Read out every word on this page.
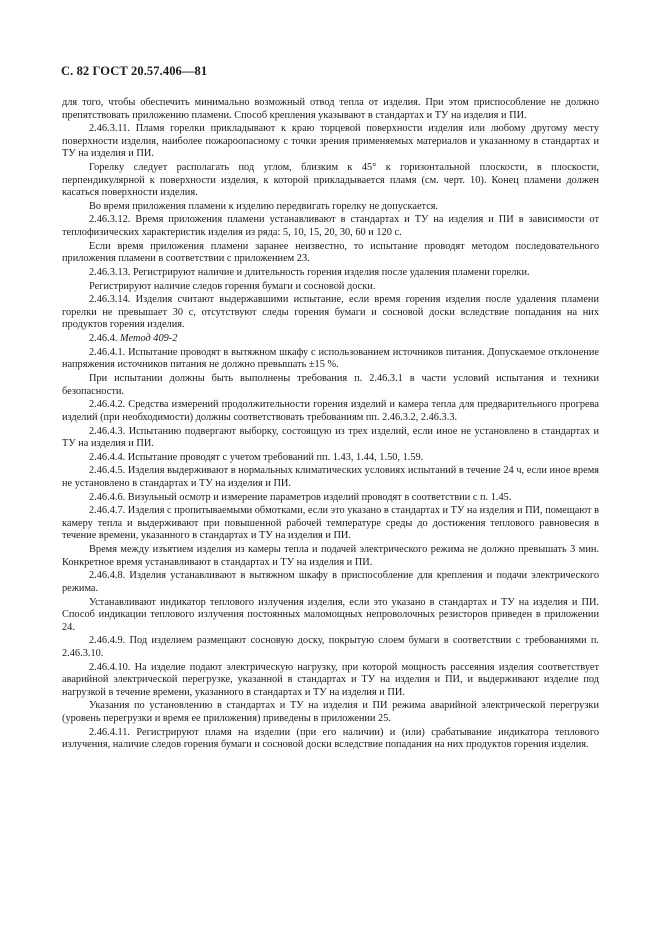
С. 82 ГОСТ 20.57.406—81

для того, чтобы обеспечить минимально возможный отвод тепла от изделия. При этом приспособление не должно препятствовать приложению пламени. Способ крепления указывают в стандартах и ТУ на изделия и ПИ.

2.46.3.11. Пламя горелки прикладывают к краю торцевой поверхности изделия или любому другому месту поверхности изделия, наиболее пожароопасному с точки зрения применяемых материалов и указанному в стандартах и ТУ на изделия и ПИ.

Горелку следует располагать под углом, близким к 45° к горизонтальной плоскости, в плоскости, перпендикулярной к поверхности изделия, к которой прикладывается пламя (см. черт. 10). Конец пламени должен касаться поверхности изделия.

Во время приложения пламени к изделию передвигать горелку не допускается.

2.46.3.12. Время приложения пламени устанавливают в стандартах и ТУ на изделия и ПИ в зависимости от теплофизических характеристик изделия из ряда: 5, 10, 15, 20, 30, 60 и 120 с.

Если время приложения пламени заранее неизвестно, то испытание проводят методом последовательного приложения пламени в соответствии с приложением 23.

2.46.3.13. Регистрируют наличие и длительность горения изделия после удаления пламени горелки.

Регистрируют наличие следов горения бумаги и сосновой доски.

2.46.3.14. Изделия считают выдержавшими испытание, если время горения изделия после удаления пламени горелки не превышает 30 с, отсутствуют следы горения бумаги и сосновой доски вследствие попадания на них продуктов горения изделия.

2.46.4. Метод 409-2

2.46.4.1. Испытание проводят в вытяжном шкафу с использованием источников питания. Допускаемое отклонение напряжения источников питания не должно превышать ±15 %.

При испытании должны быть выполнены требования п. 2.46.3.1 в части условий испытания и техники безопасности.

2.46.4.2. Средства измерений продолжительности горения изделий и камера тепла для предварительного прогрева изделий (при необходимости) должны соответствовать требованиям пп. 2.46.3.2, 2.46.3.3.

2.46.4.3. Испытанию подвергают выборку, состоящую из трех изделий, если иное не установлено в стандартах и ТУ на изделия и ПИ.

2.46.4.4. Испытание проводят с учетом требований пп. 1.43, 1.44, 1.50, 1.59.

2.46.4.5. Изделия выдерживают в нормальных климатических условиях испытаний в течение 24 ч, если иное время не установлено в стандартах и ТУ на изделия и ПИ.

2.46.4.6. Визульный осмотр и измерение параметров изделий проводят в соответствии с п. 1.45.

2.46.4.7. Изделия с пропитываемыми обмотками, если это указано в стандартах и ТУ на изделия и ПИ, помещают в камеру тепла и выдерживают при повышенной рабочей температуре среды до достижения теплового равновесия в течение времени, указанного в стандартах и ТУ на изделия и ПИ.

Время между изъятием изделия из камеры тепла и подачей электрического режима не должно превышать 3 мин. Конкретное время устанавливают в стандартах и ТУ на изделия и ПИ.

2.46.4.8. Изделия устанавливают в вытяжном шкафу в приспособление для крепления и подачи электрического режима.

Устанавливают индикатор теплового излучения изделия, если это указано в стандартах и ТУ на изделия и ПИ. Способ индикации теплового излучения постоянных маломощных непроволочных резисторов приведен в приложении 24.

2.46.4.9. Под изделием размещают сосновую доску, покрытую слоем бумаги в соответствии с требованиями п. 2.46.3.10.

2.46.4.10. На изделие подают электрическую нагрузку, при которой мощность рассеяния изделия соответствует аварийной электрической перегрузке, указанной в стандартах и ТУ на изделия и ПИ, и выдерживают изделие под нагрузкой в течение времени, указанного в стандартах и ТУ на изделия и ПИ.

Указания по установлению в стандартах и ТУ на изделия и ПИ режима аварийной электрической перегрузки (уровень перегрузки и время ее приложения) приведены в приложении 25.

2.46.4.11. Регистрируют пламя на изделии (при его наличии) и (или) срабатывание индикатора теплового излучения, наличие следов горения бумаги и сосновой доски вследствие попадания на них продуктов горения изделия.
